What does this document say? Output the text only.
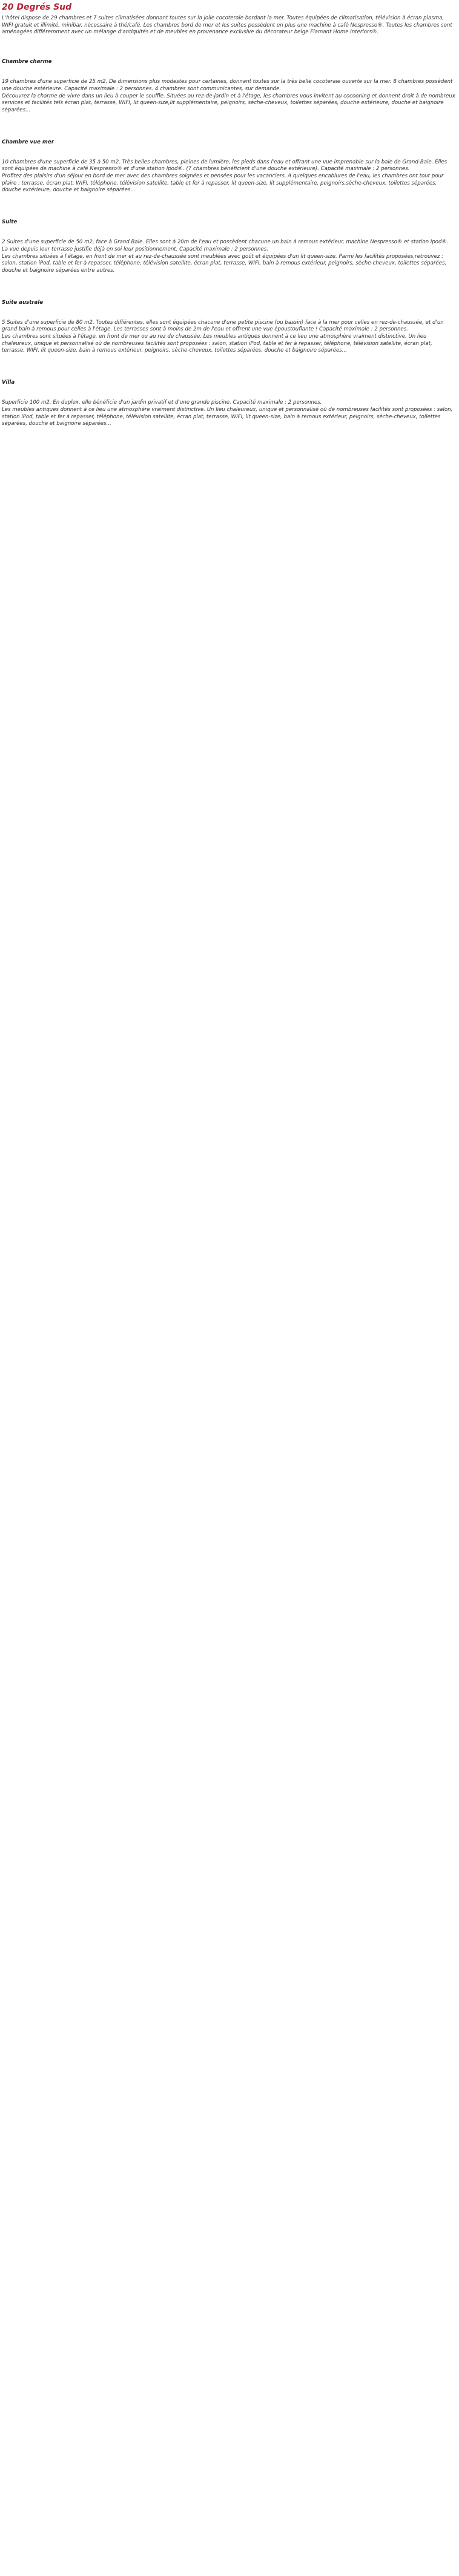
20 Degrés Sud

L'hôtel dispose de 29 chambres et 7 suites climatisées donnant toutes sur la jolie cocoteraie bordant la mer. Toutes équipées de climatisation, télévision à écran plasma, WIFI gratuit et illimité, minibar, nécessaire à thé/café. Les chambres bord de mer et les suites possèdent en plus une machine à café Nespresso®. Toutes les chambres sont aménagées différemment avec un mélange d'antiquités et de meubles en provenance exclusive du décorateur belge Flamant Home Interiors®.

Chambre charme

19 chambres d'une superficie de 25 m2. De dimensions plus modestes pour certaines, donnant toutes sur la très belle cocoteraie ouverte sur la mer. 8 chambres possèdent une douche extérieure. Capacité maximale : 2 personnes. 4 chambres sont communicantes, sur demande.
Découvrez la charme de vivre dans un lieu à couper le souffle. Situées au rez-de-jardin et à l'étage, les chambres vous invitent au cocooning et donnent droit à de nombreux services et facilités tels écran plat, terrasse, WIFI, lit queen-size,lit supplémentaire, peignoirs, sèche-cheveux, toilettes séparées, douche extérieure, douche et baignoire séparées...

Chambre vue mer

10 chambres d'une superficie de 35 à 50 m2. Très belles chambres, pleines de lumière, les pieds dans l'eau et offrant une vue imprenable sur la baie de Grand-Baie. Elles sont équipées de machine à café Nespresso® et d'une station Ipod®. (7 chambres bénéficient d'une douche extérieure). Capacité maximale : 2 personnes.
Profitez des plaisirs d'un séjour en bord de mer avec des chambres soignées et pensées pour les vacanciers. A quelques encablures de l'eau, les chambres ont tout pour plaire : terrasse, écran plat, WIFI, téléphone, télévision satellite, table et fer à repasser, lit queen-size, lit supplémentaire, peignoirs,sèche-cheveux, toilettes séparées, douche extérieure, douche et baignoire séparées...

Suite

2 Suites d'une superficie de 50 m2, face à Grand Baie. Elles sont à 20m de l'eau et possèdent chacune un bain à remous extérieur, machine Nespresso® et station Ipod®. La vue depuis leur terrasse justifie déjà en soi leur positionnement. Capacité maximale : 2 personnes.
Les chambres situées à l'étage, en front de mer et au rez-de-chaussée sont meublées avec goût et équipées d'un lit queen-size. Parmi les facilités proposées,retrouvez : salon, station iPod, table et fer à repasser, téléphone, télévision satellite, écran plat, terrasse, WIFI, bain à remous extérieur, peignoirs, sèche-cheveux, toilettes séparées, douche et baignoire séparées entre autres.

Suite australe

5 Suites d'une superficie de 80 m2. Toutes différentes, elles sont équipées chacune d'une petite piscine (ou bassin) face à la mer pour celles en rez-de-chaussée, et d'un grand bain à remous pour celles à l'étage. Les terrasses sont à moins de 2m de l'eau et offrent une vue époustouflante ! Capacité maximale : 2 personnes.
Les chambres sont situées à l'étage, en front de mer ou au rez de chaussée. Les meubles antiques donnent à ce lieu une atmosphère vraiment distinctive. Un lieu chaleureux, unique et personnalisé où de nombreuses facilités sont proposées : salon, station iPod, table et fer à repasser, téléphone, télévision satellite, écran plat, terrasse, WIFI, lit queen-size, bain à remous extérieur, peignoirs, sèche-cheveux, toilettes séparées, douche et baignoire séparées...

Villa

Superficie 100 m2. En duplex, elle bénéficie d'un jardin privatif et d'une grande piscine. Capacité maximale : 2 personnes.
Les meubles antiques donnent à ce lieu une atmosphère vraiment distinctive. Un lieu chaleureux, unique et personnalisé où de nombreuses facilités sont proposées : salon, station iPod, table et fer à repasser, téléphone, télévision satellite, écran plat, terrasse, WIFI, lit queen-size, bain à remous extérieur, peignoirs, sèche-cheveux, toilettes séparées, douche et baignoire séparées...
